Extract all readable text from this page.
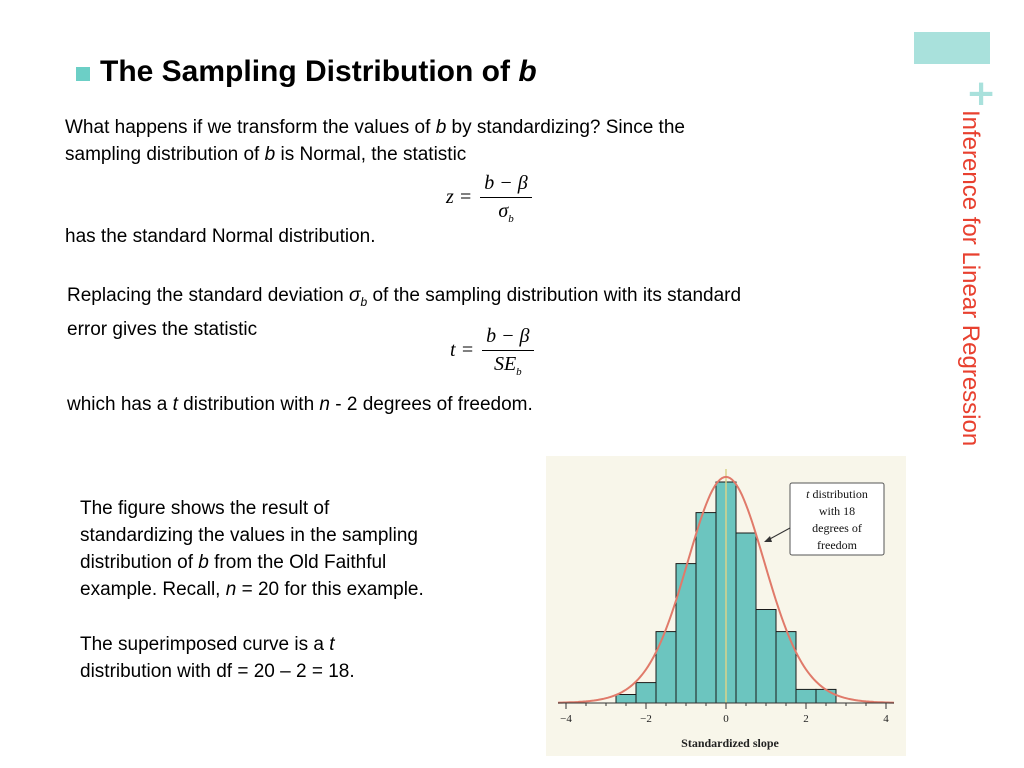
+
Inference for Linear Regression
The Sampling Distribution of b
What happens if we transform the values of b by standardizing? Since the
sampling distribution of b is Normal, the statistic
$z = \frac{b - \beta}{\sigma_b}$
has the standard Normal distribution.
Replacing the standard deviation $\sigma_b$ of the sampling distribution with its standard
error gives the statistic
$t = \frac{b - \beta}{SE_b}$
which has a t distribution with n - 2 degrees of freedom.
The figure shows the result of
standardizing the values in the sampling
distribution of b from the Old Faithful
example. Recall, n = 20 for this example.
The superimposed curve is a t
distribution with df = 20 – 2 = 18.
−4	−2	0	2	4
Standardized slope
t distribution
with 18
degrees of
freedom
